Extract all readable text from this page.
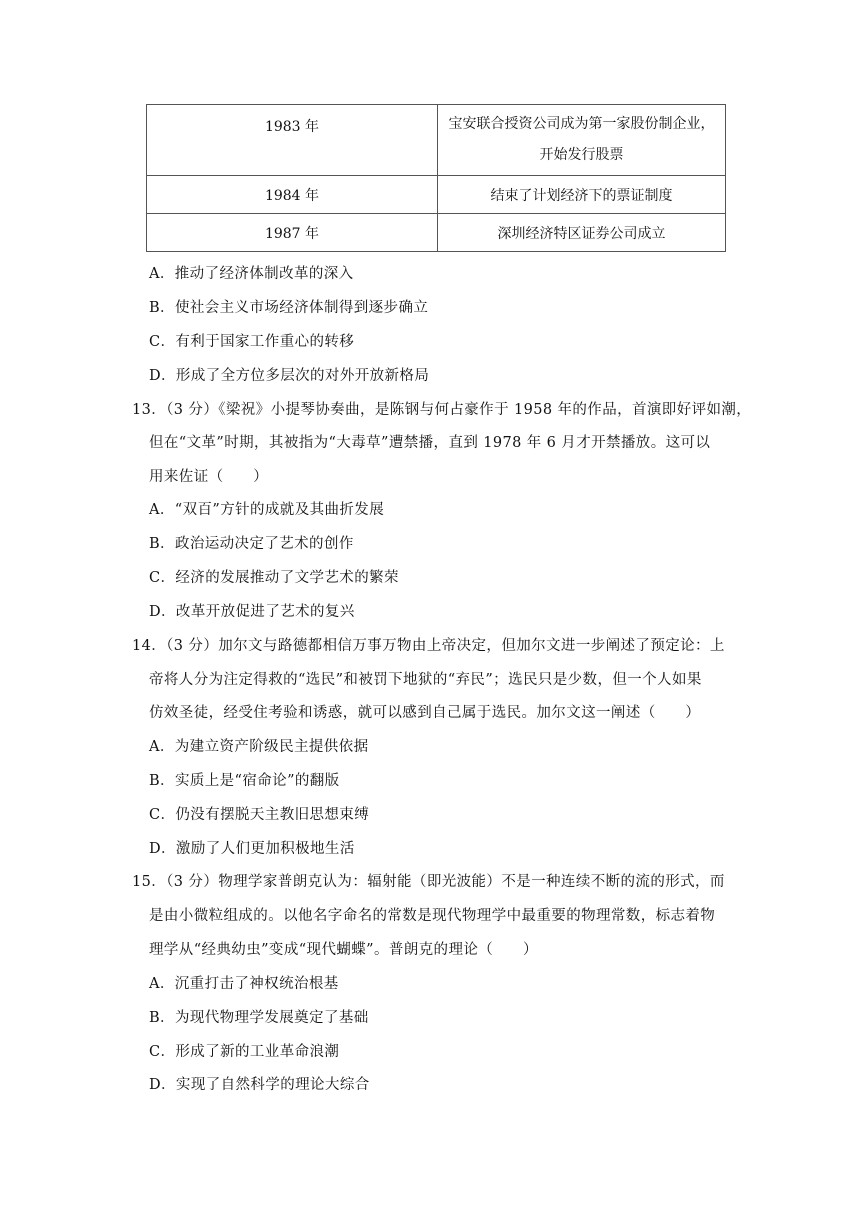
1983 年	宝安联合授资公司成为第一家股份制企业，
开始发行股票

1984 年	结束了计划经济下的票证制度
1987 年	深圳经济特区证券公司成立
A．推动了经济体制改革的深入
B．使社会主义市场经济体制得到逐步确立
C．有利于国家工作重心的转移
D．形成了全方位多层次的对外开放新格局
13．（3 分）《梁祝》小提琴协奏曲，是陈钢与何占豪作于 1958 年的作品，首演即好评如潮，
但在“文革”时期，其被指为“大毒草”遭禁播，直到 1978 年 6 月才开禁播放。这可以
用来佐证（　　）
A．“双百”方针的成就及其曲折发展
B．政治运动决定了艺术的创作
C．经济的发展推动了文学艺术的繁荣
D．改革开放促进了艺术的复兴
14．（3 分）加尔文与路德都相信万事万物由上帝决定，但加尔文进一步阐述了预定论：上
帝将人分为注定得救的“选民”和被罚下地狱的“弃民”；选民只是少数，但一个人如果
仿效圣徒，经受住考验和诱惑，就可以感到自己属于选民。加尔文这一阐述（　　）
A．为建立资产阶级民主提供依据
B．实质上是“宿命论”的翻版
C．仍没有摆脱天主教旧思想束缚
D．激励了人们更加积极地生活
15．（3 分）物理学家普朗克认为：辐射能（即光波能）不是一种连续不断的流的形式，而
是由小微粒组成的。以他名字命名的常数是现代物理学中最重要的物理常数，标志着物
理学从“经典幼虫”变成“现代蝴蝶”。普朗克的理论（　　）
A．沉重打击了神权统治根基
B．为现代物理学发展奠定了基础
C．形成了新的工业革命浪潮
D．实现了自然科学的理论大综合
